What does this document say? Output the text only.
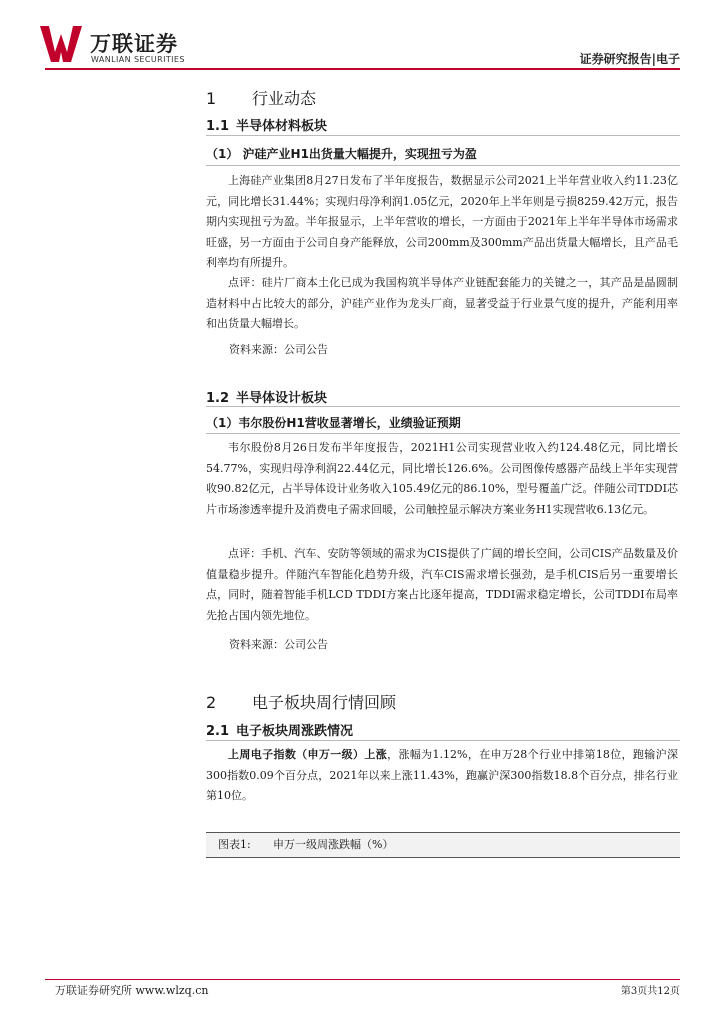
万联证券
WANLIAN SECURITIES	证券研究报告|电子
1 行业动态
1.1 半导体材料板块
（1） 沪硅产业H1出货量大幅提升，实现扭亏为盈

上海硅产业集团8月27日发布了半年度报告，数据显示公司2021上半年营业收入约11.23亿元，同比增长31.44%；实现归母净利润1.05亿元，2020年上半年则是亏损8259.42万元，报告期内实现扭亏为盈。半年报显示，上半年营收的增长，一方面由于2021年上半年半导体市场需求旺盛，另一方面由于公司自身产能释放，公司200mm及300mm产品出货量大幅增长，且产品毛利率均有所提升。

点评：硅片厂商本土化已成为我国构筑半导体产业链配套能力的关键之一，其产品是晶圆制造材料中占比较大的部分，沪硅产业作为龙头厂商，显著受益于行业景气度的提升，产能利用率和出货量大幅增长。

资料来源：公司公告
1.2 半导体设计板块
（1）韦尔股份H1营收显著增长，业绩验证预期

韦尔股份8月26日发布半年度报告，2021H1公司实现营业收入约124.48亿元，同比增长54.77%，实现归母净利润22.44亿元，同比增长126.6%。公司图像传感器产品线上半年实现营收90.82亿元，占半导体设计业务收入105.49亿元的86.10%，型号覆盖广泛。伴随公司TDDI芯片市场渗透率提升及消费电子需求回暖，公司触控显示解决方案业务H1实现营收6.13亿元。

点评：手机、汽车、安防等领域的需求为CIS提供了广阔的增长空间，公司CIS产品数量及价值量稳步提升。伴随汽车智能化趋势升级，汽车CIS需求增长强劲，是手机CIS后另一重要增长点，同时，随着智能手机LCD TDDI方案占比逐年提高，TDDI需求稳定增长，公司TDDI布局率先抢占国内领先地位。

资料来源：公司公告
2 电子板块周行情回顾
2.1 电子板块周涨跌情况

上周电子指数（申万一级）上涨，涨幅为1.12%，在申万28个行业中排第18位，跑输沪深300指数0.09个百分点，2021年以来上涨11.43%，跑赢沪深300指数18.8个百分点，排名行业第10位。

图表1: 申万一级周涨跌幅（%）
万联证券研究所 www.wlzq.cn	第3页共12页
